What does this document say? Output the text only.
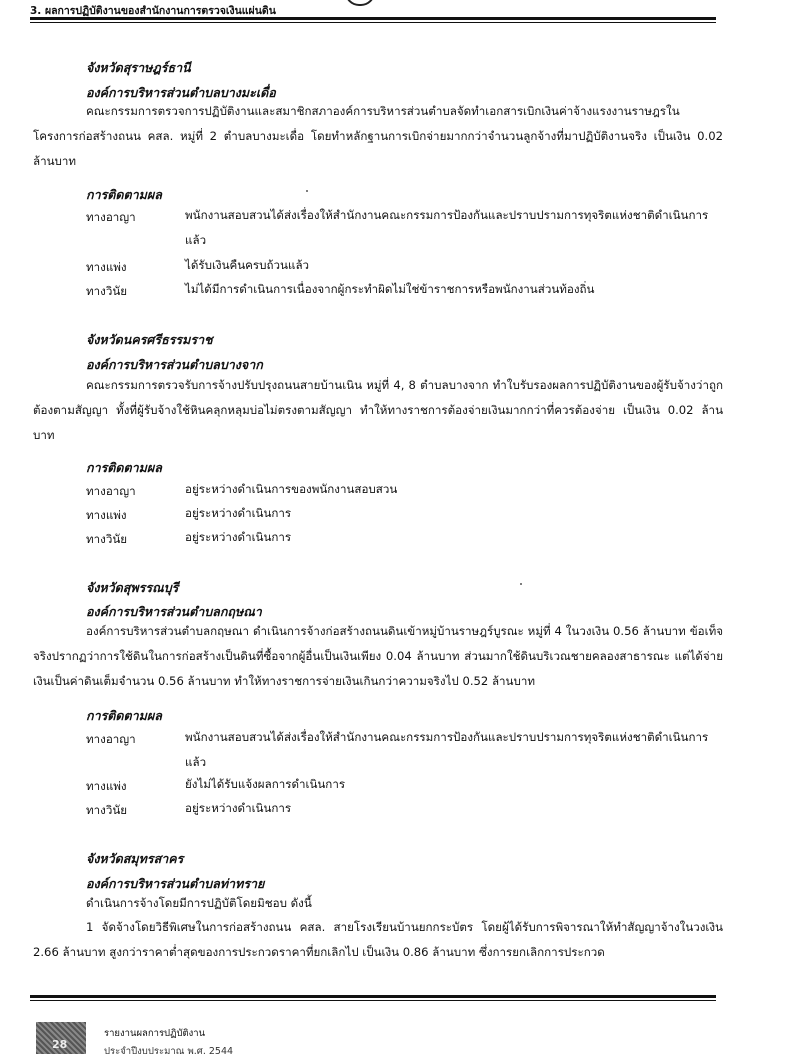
3. ผลการปฏิบัติงานของสำนักงานการตรวจเงินแผ่นดิน
จังหวัดสุราษฎร์ธานี
องค์การบริหารส่วนตำบลบางมะเดื่อ
คณะกรรมการตรวจการปฏิบัติงานและสมาชิกสภาองค์การบริหารส่วนตำบลจัดทำเอกสารเบิกเงินค่าจ้างแรงงานราษฎรในโครงการก่อสร้างถนน คสล. หมู่ที่ 2 ตำบลบางมะเดื่อ โดยทำหลักฐานการเบิกจ่ายมากกว่าจำนวนลูกจ้างที่มาปฏิบัติงานจริง เป็นเงิน 0.02 ล้านบาท
การติดตามผล
ทางอาญา	พนักงานสอบสวนได้ส่งเรื่องให้สำนักงานคณะกรรมการป้องกันและปราบปรามการทุจริตแห่งชาติดำเนินการแล้ว
ทางแพ่ง	ได้รับเงินคืนครบถ้วนแล้ว
ทางวินัย	ไม่ได้มีการดำเนินการเนื่องจากผู้กระทำผิดไม่ใช่ข้าราชการหรือพนักงานส่วนท้องถิ่น
จังหวัดนครศรีธรรมราช
องค์การบริหารส่วนตำบลบางจาก
คณะกรรมการตรวจรับการจ้างปรับปรุงถนนสายบ้านเนิน หมู่ที่ 4, 8 ตำบลบางจาก ทำใบรับรองผลการปฏิบัติงานของผู้รับจ้างว่าถูกต้องตามสัญญา ทั้งที่ผู้รับจ้างใช้หินคลุกหลุมบ่อไม่ตรงตามสัญญา ทำให้ทางราชการต้องจ่ายเงินมากกว่าที่ควรต้องจ่าย เป็นเงิน 0.02 ล้านบาท
การติดตามผล
ทางอาญา	อยู่ระหว่างดำเนินการของพนักงานสอบสวน
ทางแพ่ง	อยู่ระหว่างดำเนินการ
ทางวินัย	อยู่ระหว่างดำเนินการ
จังหวัดสุพรรณบุรี
องค์การบริหารส่วนตำบลกฤษณา
องค์การบริหารส่วนตำบลกฤษณา ดำเนินการจ้างก่อสร้างถนนดินเข้าหมู่บ้านราษฎร์บูรณะ หมู่ที่ 4 ในวงเงิน 0.56 ล้านบาท ข้อเท็จจริงปรากฏว่าการใช้ดินในการก่อสร้างเป็นดินที่ซื้อจากผู้อื่นเป็นเงินเพียง 0.04 ล้านบาท ส่วนมากใช้ดินบริเวณชายคลองสาธารณะ แต่ได้จ่ายเงินเป็นค่าดินเต็มจำนวน 0.56 ล้านบาท ทำให้ทางราชการจ่ายเงินเกินกว่าความจริงไป 0.52 ล้านบาท
การติดตามผล
ทางอาญา	พนักงานสอบสวนได้ส่งเรื่องให้สำนักงานคณะกรรมการป้องกันและปราบปรามการทุจริตแห่งชาติดำเนินการแล้ว
ทางแพ่ง	ยังไม่ได้รับแจ้งผลการดำเนินการ
ทางวินัย	อยู่ระหว่างดำเนินการ
จังหวัดสมุทรสาคร
องค์การบริหารส่วนตำบลท่าทราย
ดำเนินการจ้างโดยมีการปฏิบัติโดยมิชอบ ดังนี้
1 จัดจ้างโดยวิธีพิเศษในการก่อสร้างถนน คสล. สายโรงเรียนบ้านยกกระบัตร โดยผู้ได้รับการพิจารณาให้ทำสัญญาจ้างในวงเงิน 2.66 ล้านบาท สูงกว่าราคาต่ำสุดของการประกวดราคาที่ยกเลิกไป เป็นเงิน 0.86 ล้านบาท ซึ่งการยกเลิกการประกวด
28
รายงานผลการปฏิบัติงาน
ประจำปีงบประมาณ พ.ศ. 2544
